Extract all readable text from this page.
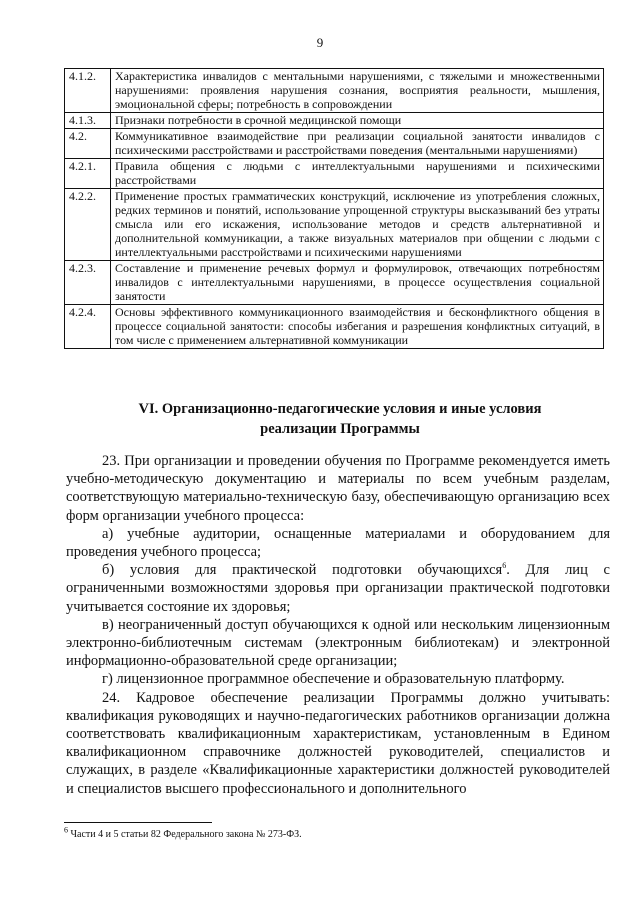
9
4.1.2.	Характеристика инвалидов с ментальными нарушениями, с тяжелыми и множественными нарушениями: проявления нарушения сознания, восприятия реальности, мышления, эмоциональной сферы; потребность в сопровождении
4.1.3.	Признаки потребности в срочной медицинской помощи
4.2.	Коммуникативное взаимодействие при реализации социальной занятости инвалидов с психическими расстройствами и расстройствами поведения (ментальными нарушениями)
4.2.1.	Правила общения с людьми с интеллектуальными нарушениями и психическими расстройствами
4.2.2.	Применение простых грамматических конструкций, исключение из употребления сложных, редких терминов и понятий, использование упрощенной структуры высказываний без утраты смысла или его искажения, использование методов и средств альтернативной и дополнительной коммуникации, а также визуальных материалов при общении с людьми с интеллектуальными расстройствами и психическими нарушениями
4.2.3.	Составление и применение речевых формул и формулировок, отвечающих потребностям инвалидов с интеллектуальными нарушениями, в процессе осуществления социальной занятости
4.2.4.	Основы эффективного коммуникационного взаимодействия и бесконфликтного общения в процессе социальной занятости: способы избегания и разрешения конфликтных ситуаций, в том числе с применением альтернативной коммуникации
VI. Организационно-педагогические условия и иные условия
реализации Программы

23. При организации и проведении обучения по Программе рекомендуется иметь учебно-методическую документацию и материалы по всем учебным разделам, соответствующую материально-техническую базу, обеспечивающую организацию всех форм организации учебного процесса:

а) учебные аудитории, оснащенные материалами и оборудованием для проведения учебного процесса;

б) условия для практической подготовки обучающихся$^6$. Для лиц с ограниченными возможностями здоровья при организации практической подготовки учитывается состояние их здоровья;

в) неограниченный доступ обучающихся к одной или нескольким лицензионным электронно-библиотечным системам (электронным библиотекам) и электронной информационно-образовательной среде организации;

г) лицензионное программное обеспечение и образовательную платформу.

24. Кадровое обеспечение реализации Программы должно учитывать: квалификация руководящих и научно-педагогических работников организации должна соответствовать квалификационным характеристикам, установленным в Едином квалификационном справочнике должностей руководителей, специалистов и служащих, в разделе «Квалификационные характеристики должностей руководителей и специалистов высшего профессионального и дополнительного

$^6$ Части 4 и 5 статьи 82 Федерального закона № 273-ФЗ.
